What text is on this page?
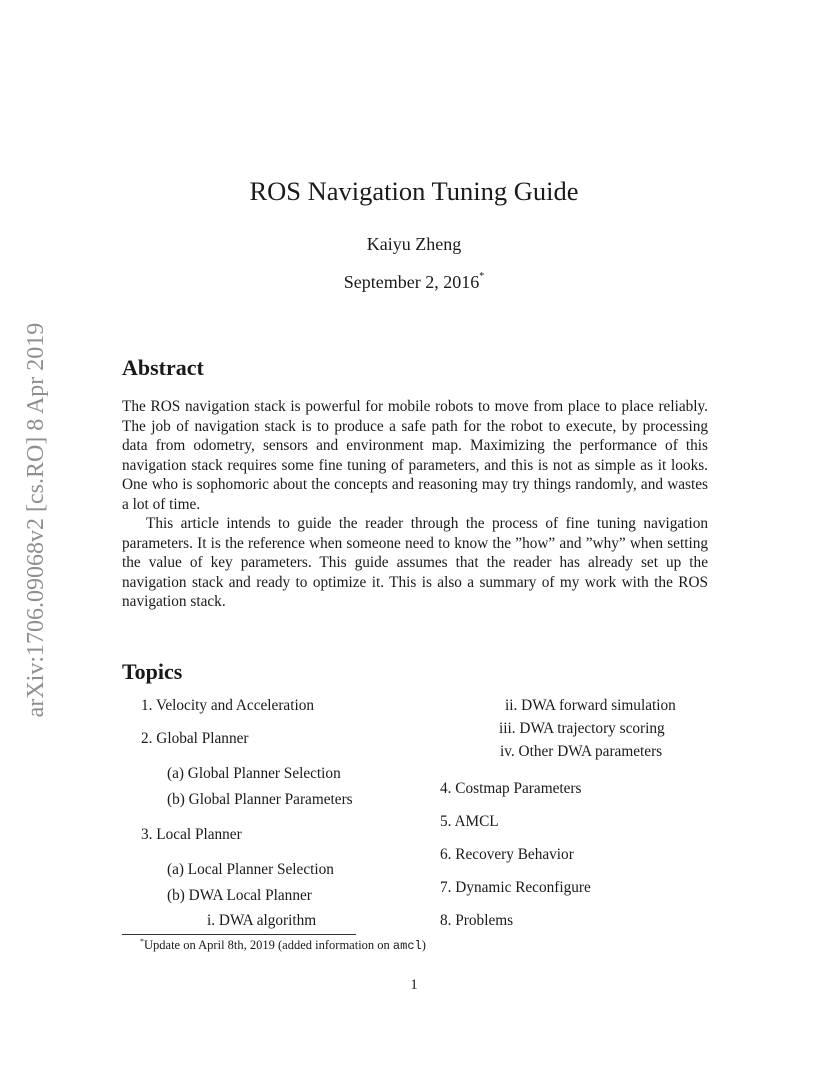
arXiv:1706.09068v2 [cs.RO] 8 Apr 2019
ROS Navigation Tuning Guide
Kaiyu Zheng
September 2, 2016*
Abstract
The ROS navigation stack is powerful for mobile robots to move from place to place reliably. The job of navigation stack is to produce a safe path for the robot to execute, by processing data from odometry, sensors and environment map. Maximizing the performance of this navigation stack requires some fine tuning of parameters, and this is not as simple as it looks. One who is sophomoric about the concepts and reasoning may try things randomly, and wastes a lot of time.
This article intends to guide the reader through the process of fine tuning navigation parameters. It is the reference when someone need to know the ”how” and ”why” when setting the value of key parameters. This guide assumes that the reader has already set up the navigation stack and ready to optimize it. This is also a summary of my work with the ROS navigation stack.
Topics
1. Velocity and Acceleration
2. Global Planner
(a) Global Planner Selection
(b) Global Planner Parameters
3. Local Planner
(a) Local Planner Selection
(b) DWA Local Planner
i. DWA algorithm
ii. DWA forward simulation
iii. DWA trajectory scoring
iv. Other DWA parameters
4. Costmap Parameters
5. AMCL
6. Recovery Behavior
7. Dynamic Reconfigure
8. Problems
*Update on April 8th, 2019 (added information on amcl)
1
